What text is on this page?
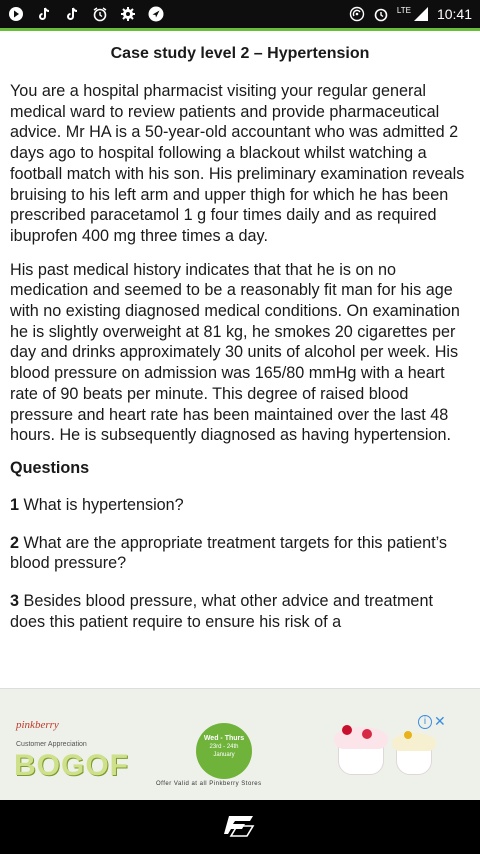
LTE 10:41
Case study level 2 – Hypertension

You are a hospital pharmacist visiting your regular general medical ward to review patients and provide pharmaceutical advice. Mr HA is a 50-year-old accountant who was admitted 2 days ago to hospital following a blackout whilst watching a football match with his son. His preliminary examination reveals bruising to his left arm and upper thigh for which he has been prescribed paracetamol 1 g four times daily and as required ibuprofen 400 mg three times a day.

His past medical history indicates that that he is on no medication and seemed to be a reasonably fit man for his age with no existing diagnosed medical conditions. On examination he is slightly overweight at 81 kg, he smokes 20 cigarettes per day and drinks approximately 30 units of alcohol per week. His blood pressure on admission was 165/80 mmHg with a heart rate of 90 beats per minute. This degree of raised blood pressure and heart rate has been maintained over the last 48 hours. He is subsequently diagnosed as having hypertension.

Questions

1 What is hypertension?

2 What are the appropriate treatment targets for this patient’s blood pressure?

3 Besides blood pressure, what other advice and treatment does this patient require to ensure his risk of a

pinkberry
Customer Appreciation
BOGOF
Wed - Thurs
23rd - 24th
January
Offer Valid at all Pinkberry Stores
i ✕
